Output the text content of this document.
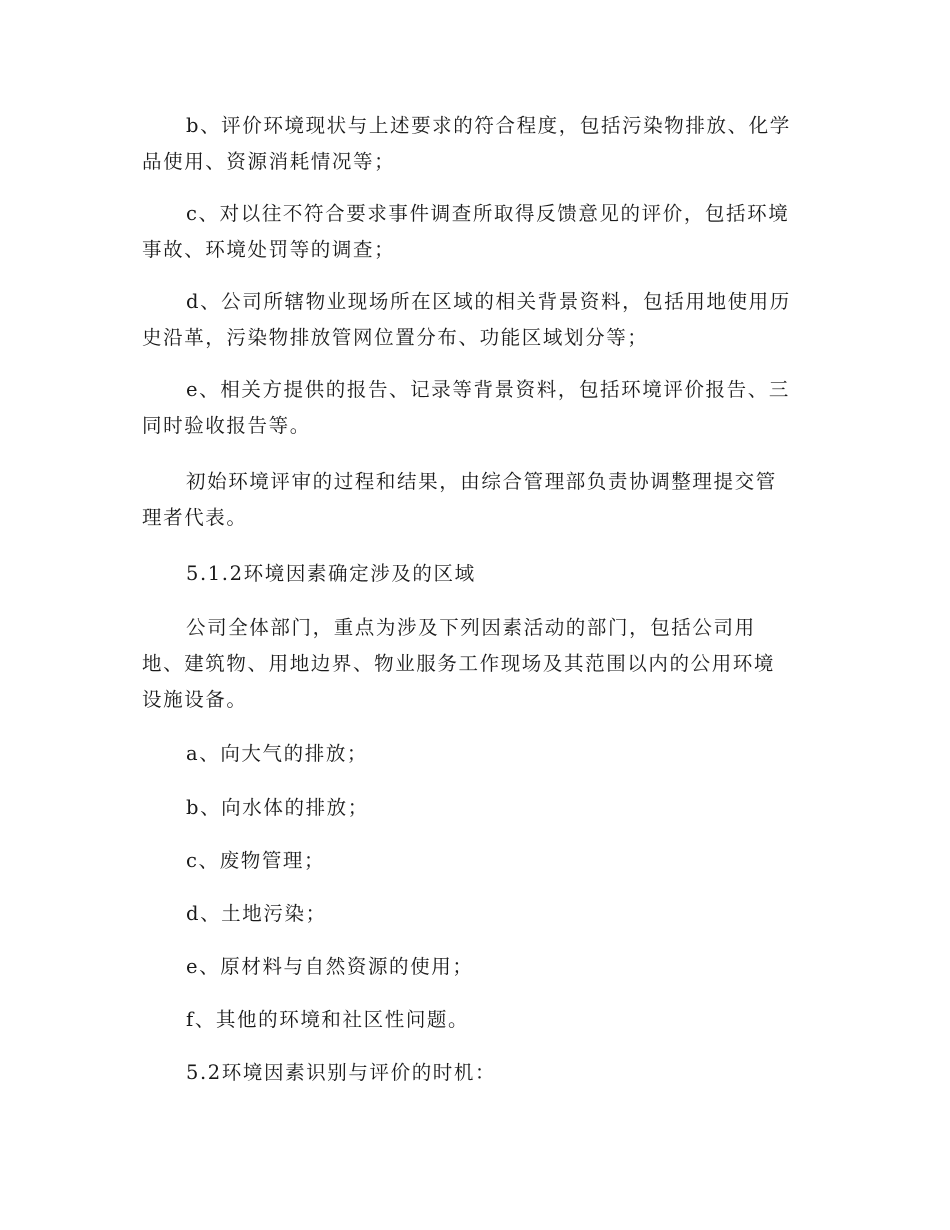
b、评价环境现状与上述要求的符合程度，包括污染物排放、化学
品使用、资源消耗情况等；

c、对以往不符合要求事件调查所取得反馈意见的评价，包括环境
事故、环境处罚等的调查；

d、公司所辖物业现场所在区域的相关背景资料，包括用地使用历
史沿革，污染物排放管网位置分布、功能区域划分等；

e、相关方提供的报告、记录等背景资料，包括环境评价报告、三
同时验收报告等。

初始环境评审的过程和结果，由综合管理部负责协调整理提交管
理者代表。

5.1.2环境因素确定涉及的区域

公司全体部门，重点为涉及下列因素活动的部门，包括公司用
地、建筑物、用地边界、物业服务工作现场及其范围以内的公用环境
设施设备。

a、向大气的排放；

b、向水体的排放；

c、废物管理；

d、土地污染；

e、原材料与自然资源的使用；

f、其他的环境和社区性问题。

5.2环境因素识别与评价的时机：
